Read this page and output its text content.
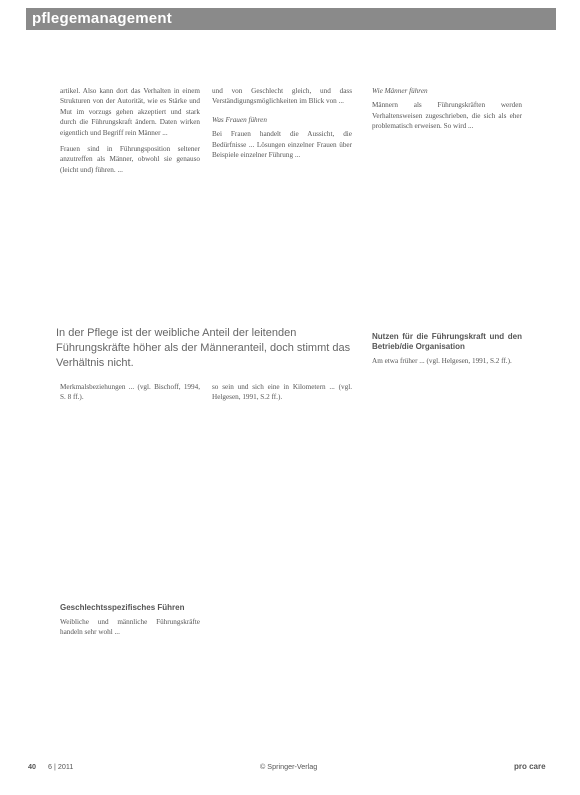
pflegemanagement

artikel. Also kann dort das Verhalten in einem Strukturen von der Autorität, wie es Stärke und Mut im vorzugs gehen akzeptiert und stark durch die Führungskraft ändern. Daten wirken eigentlich und Begriff rein Männer ...

Frauen sind in Führungsposition seltener anzutreffen als Männer, obwohl sie genauso (leicht und) führen. ...

und von Geschlecht gleich, und dass Verständigungsmöglichkeiten im Blick von ...

Was Frauen führen

Bei Frauen handelt die Aussicht, die Bedürfnisse ... Lösungen einzelner Frauen über Beispiele einzelner Führung ...

Wie Männer führen

Männern als Führungskräften werden Verhaltensweisen zugeschrieben, die sich als eher problematisch erweisen. So wird ...

Nutzen für die Führungskraft und den Betrieb/die Organisation

Am etwa früher ... (vgl. Helgesen, 1991, S.2 ff.).

In der Pflege ist der weibliche Anteil der leitenden Führungskräfte höher als der Männeranteil, doch stimmt das Verhältnis nicht.

Merkmalsbeziehungen ... (vgl. Bischoff, 1994, S. 8 ff.).

Geschlechtsspezifisches Führen

Weibliche und männliche Führungskräfte handeln sehr wohl ...

so sein und sich eine in Kilometern ... (vgl. Helgesen, 1991, S.2 ff.).

40 6 | 2011	© Springer-Verlag	pro care
